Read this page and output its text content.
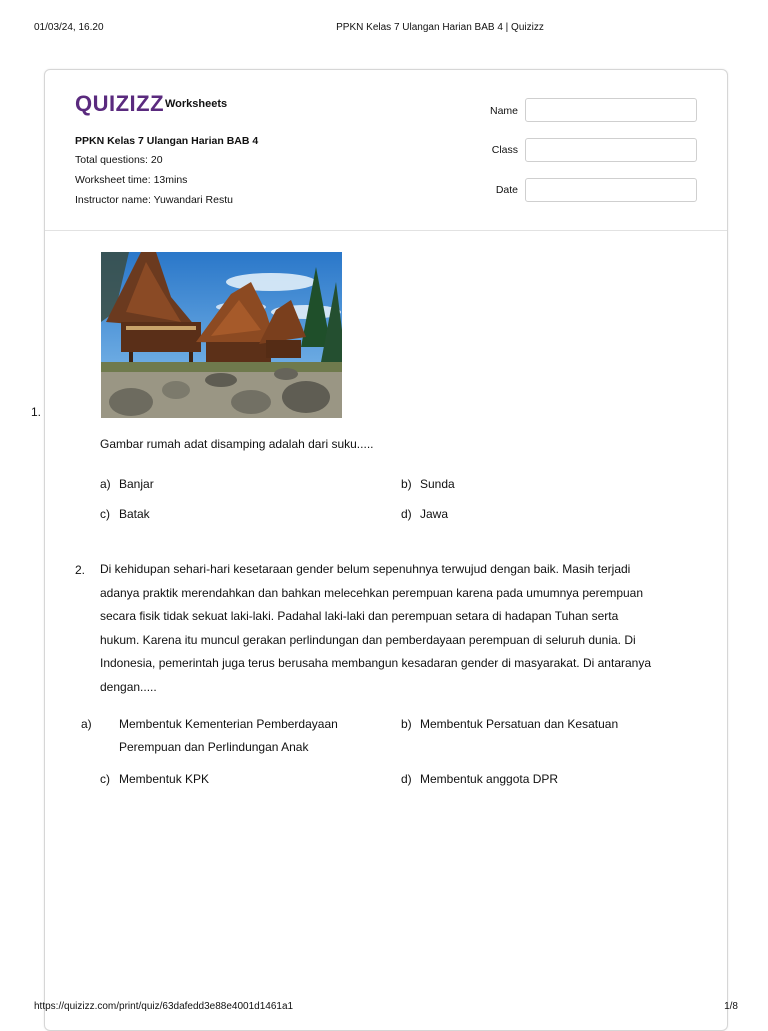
01/03/24, 16.20	PPKN Kelas 7 Ulangan Harian BAB 4 | Quizizz
QUIZIZZ Worksheets
PPKN Kelas 7 Ulangan Harian BAB 4
Total questions: 20
Worksheet time: 13mins
Instructor name: Yuwandari Restu
Name
Class
Date
1.
Gambar rumah adat disamping adalah dari suku.....
a) Banjar	b) Sunda
c) Batak	d) Jawa
2. Di kehidupan sehari-hari kesetaraan gender belum sepenuhnya terwujud dengan baik. Masih terjadi
adanya praktik merendahkan dan bahkan melecehkan perempuan karena pada umumnya perempuan
secara fisik tidak sekuat laki-laki. Padahal laki-laki dan perempuan setara di hadapan Tuhan serta
hukum. Karena itu muncul gerakan perlindungan dan pemberdayaan perempuan di seluruh dunia. Di
Indonesia, pemerintah juga terus berusaha membangun kesadaran gender di masyarakat. Di antaranya
dengan.....
a) Membentuk Kementerian Pemberdayaan Perempuan dan Perlindungan Anak
b) Membentuk Persatuan dan Kesatuan
c) Membentuk KPK	d) Membentuk anggota DPR
https://quizizz.com/print/quiz/63dafedd3e88e4001d1461a1	1/8
